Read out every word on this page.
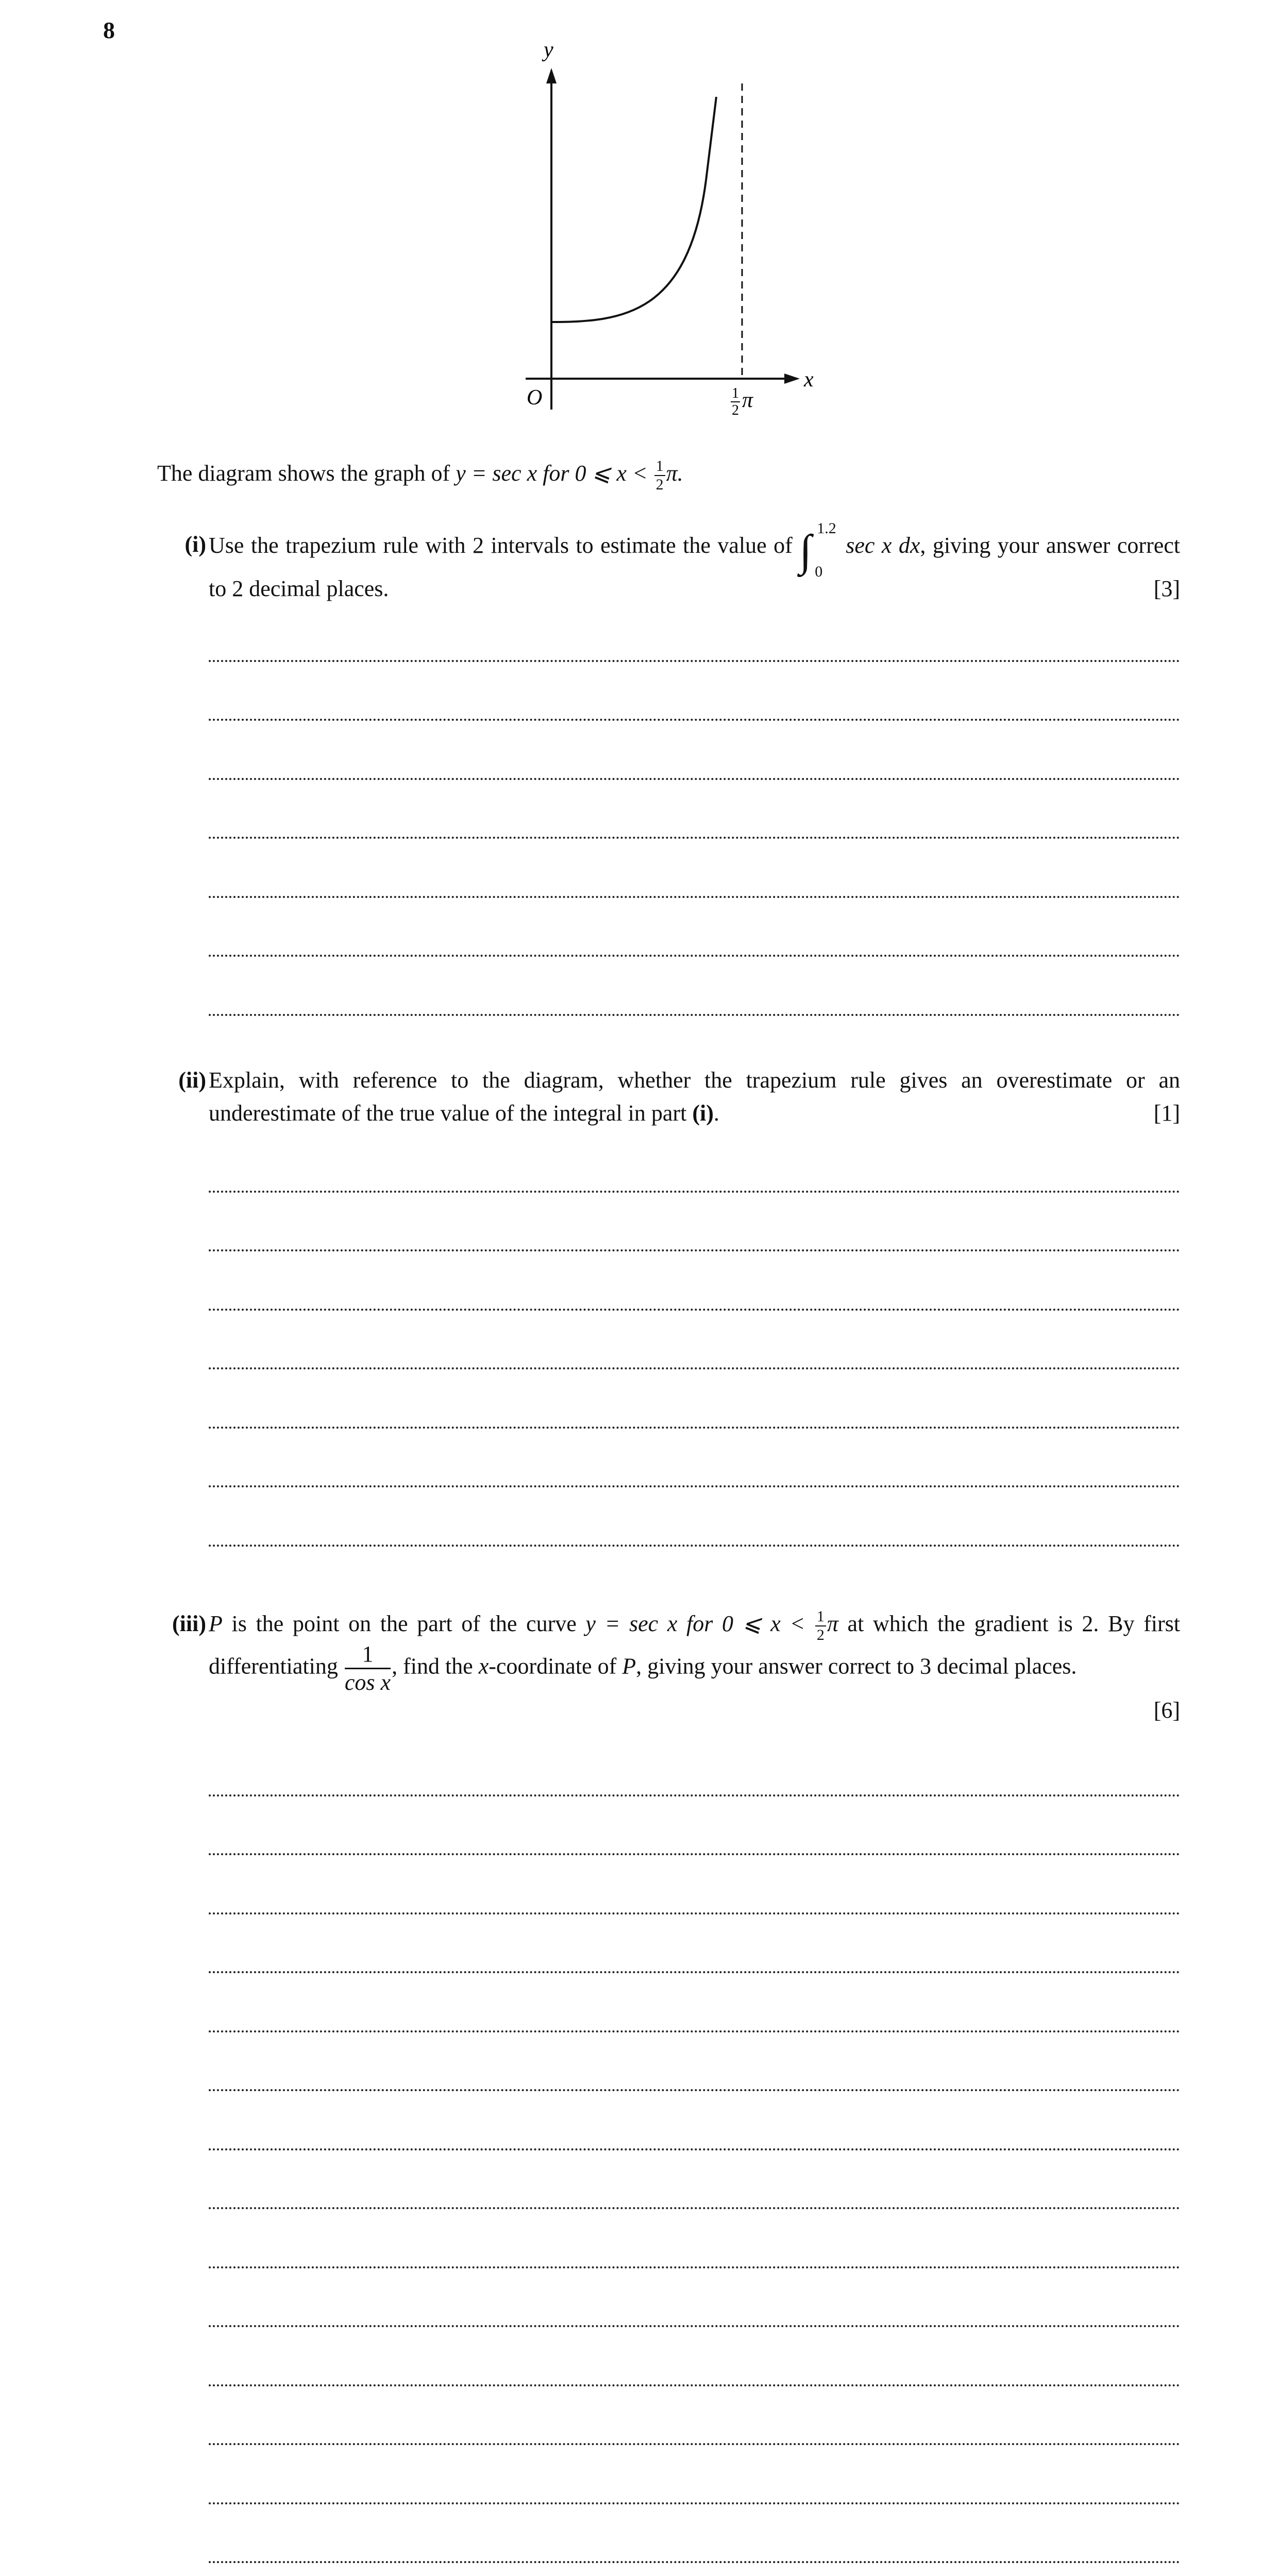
8
y
x
O	1
2 π
The diagram shows the graph of y = sec x for 0 ⩽ $x < \frac{1}{2} \pi$.
(i) Use the trapezium rule with 2 intervals to estimate the value of ∫ 1.2
0
sec x dx, giving your answer correct to 2 decimal places.	[3]
(ii) Explain, with reference to the diagram, whether the trapezium rule gives an overestimate or an underestimate of the true value of the integral in part (i).	[1]
(iii) P is the point on the part of the curve y = sec x for 0 ⩽ $x < \frac{1}{2}$ π at which the gradient is 2. By first differentiating $\frac{1}{\text{cos x}}$ , find the x-coordinate of P, giving your answer correct to 3 decimal places.

[6]
